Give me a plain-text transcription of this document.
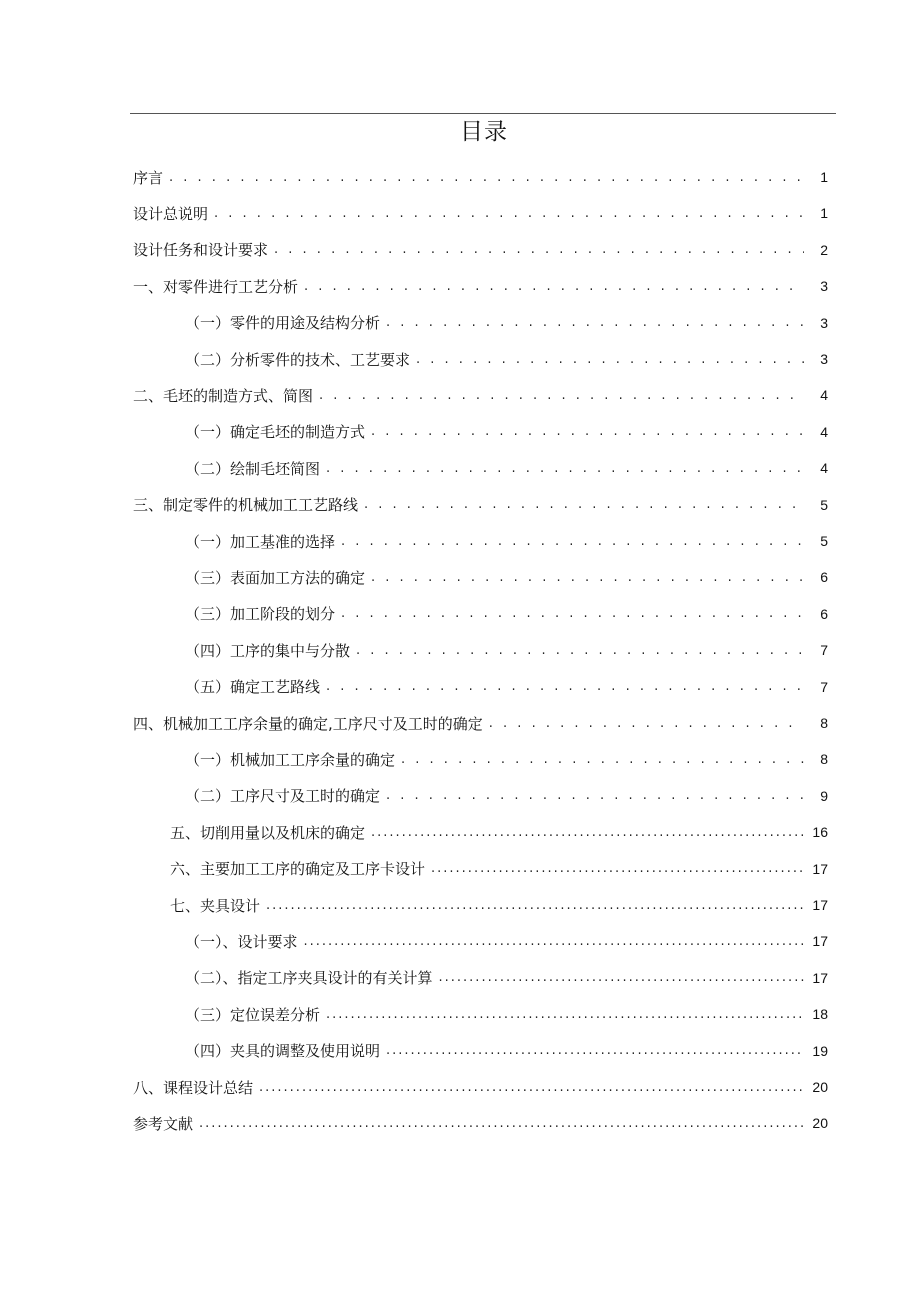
目录
序言 . . .	1
设计总说明 . . .	1
设计任务和设计要求 . . .	2
一、对零件进行工艺分析 . . .	3
（一）零件的用途及结构分析 . . .	3
（二）分析零件的技术、工艺要求 . . .	3
二、毛坯的制造方式、简图 . . .	4
（一）确定毛坯的制造方式 . . .	4
（二）绘制毛坯简图 . . .	4
三、制定零件的机械加工工艺路线 . . .	5
（一）加工基准的选择 . . .	5
（三）表面加工方法的确定 . . .	6
（三）加工阶段的划分 . . .	6
（四）工序的集中与分散 . . .	7
（五）确定工艺路线 . . .	7
四、机械加工工序余量的确定,工序尺寸及工时的确定 . . .	8
（一）机械加工工序余量的确定 . . .	8
（二）工序尺寸及工时的确定 . . .	9
五、切削用量以及机床的确定 .....	16
六、主要加工工序的确定及工序卡设计 .....	17
七、夹具设计 .....	17
（一）、设计要求 .....	17
（二）、指定工序夹具设计的有关计算 .....	17
（三）定位误差分析 .....	18
（四）夹具的调整及使用说明 .....	19
八、课程设计总结 .....	20
参考文献 .....	20
